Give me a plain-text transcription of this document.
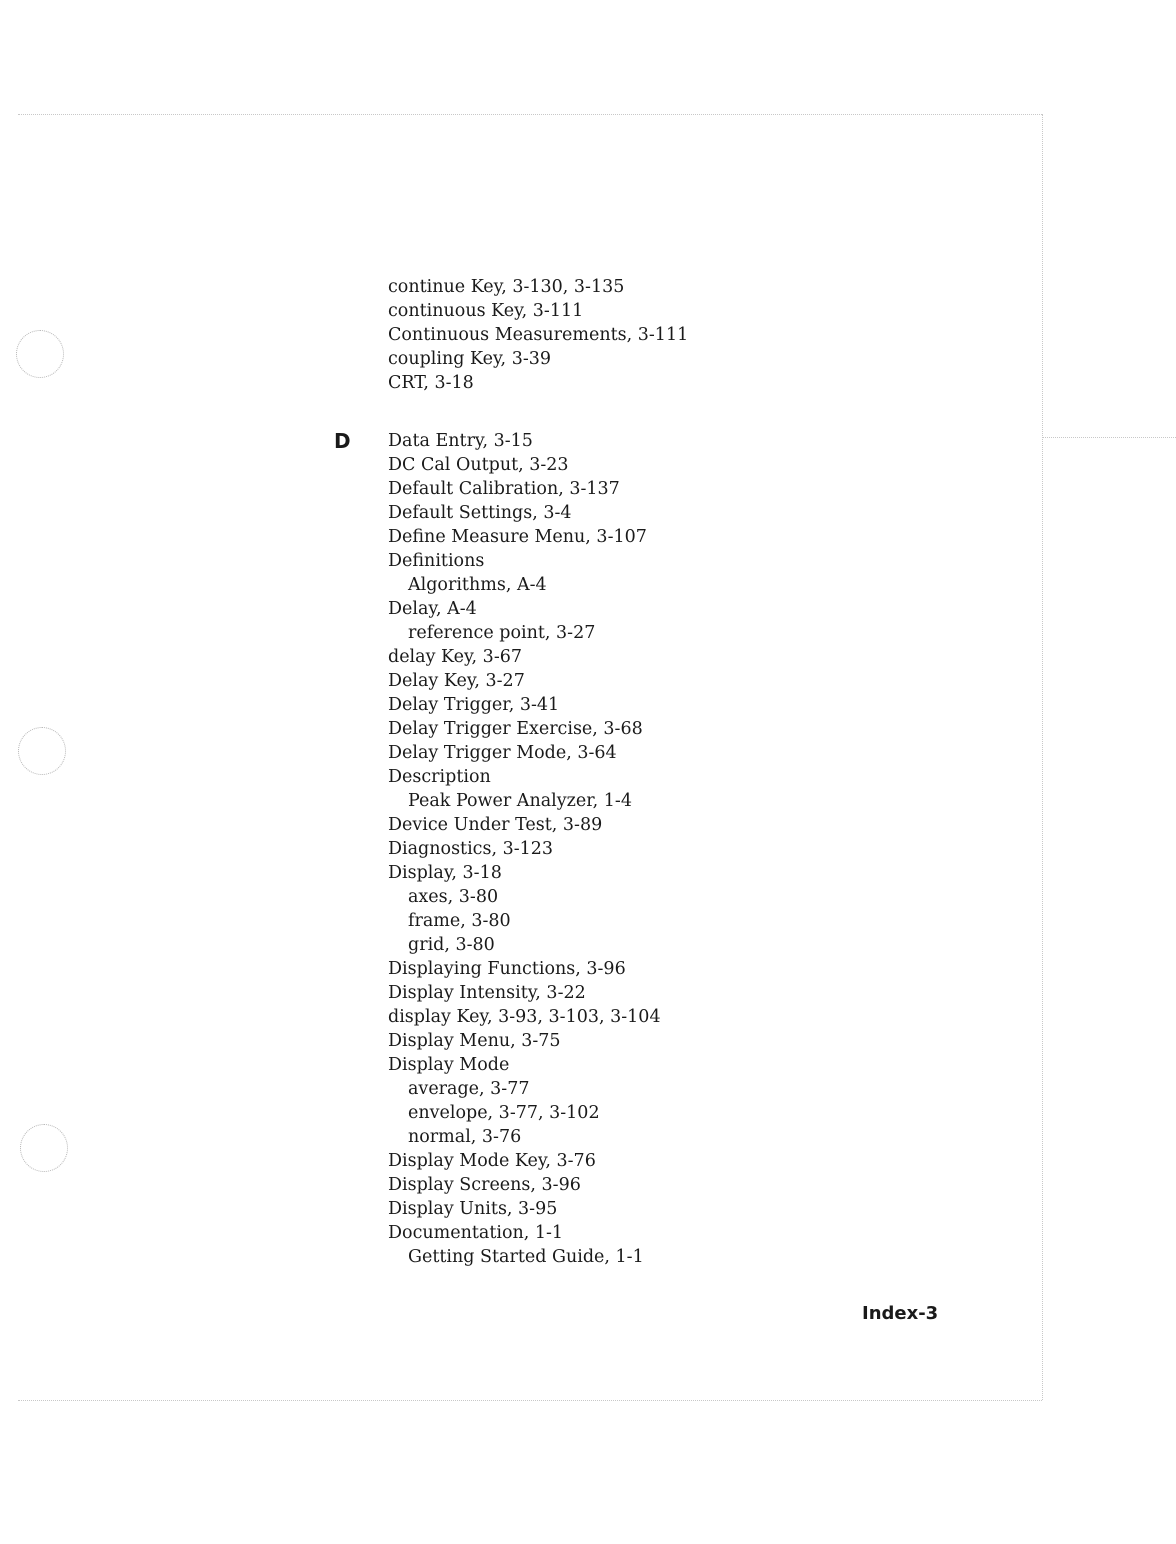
D
continue Key, 3-130, 3-135
continuous Key, 3-111
Continuous Measurements, 3-111
coupling Key, 3-39
CRT, 3-18
Data Entry, 3-15
DC Cal Output, 3-23
Default Calibration, 3-137
Default Settings, 3-4
Define Measure Menu, 3-107
Definitions
Algorithms, A-4
Delay, A-4
reference point, 3-27
delay Key, 3-67
Delay Key, 3-27
Delay Trigger, 3-41
Delay Trigger Exercise, 3-68
Delay Trigger Mode, 3-64
Description
Peak Power Analyzer, 1-4
Device Under Test, 3-89
Diagnostics, 3-123
Display, 3-18
axes, 3-80
frame, 3-80
grid, 3-80
Displaying Functions, 3-96
Display Intensity, 3-22
display Key, 3-93, 3-103, 3-104
Display Menu, 3-75
Display Mode
average, 3-77
envelope, 3-77, 3-102
normal, 3-76
Display Mode Key, 3-76
Display Screens, 3-96
Display Units, 3-95
Documentation, 1-1
Getting Started Guide, 1-1
Index-3
